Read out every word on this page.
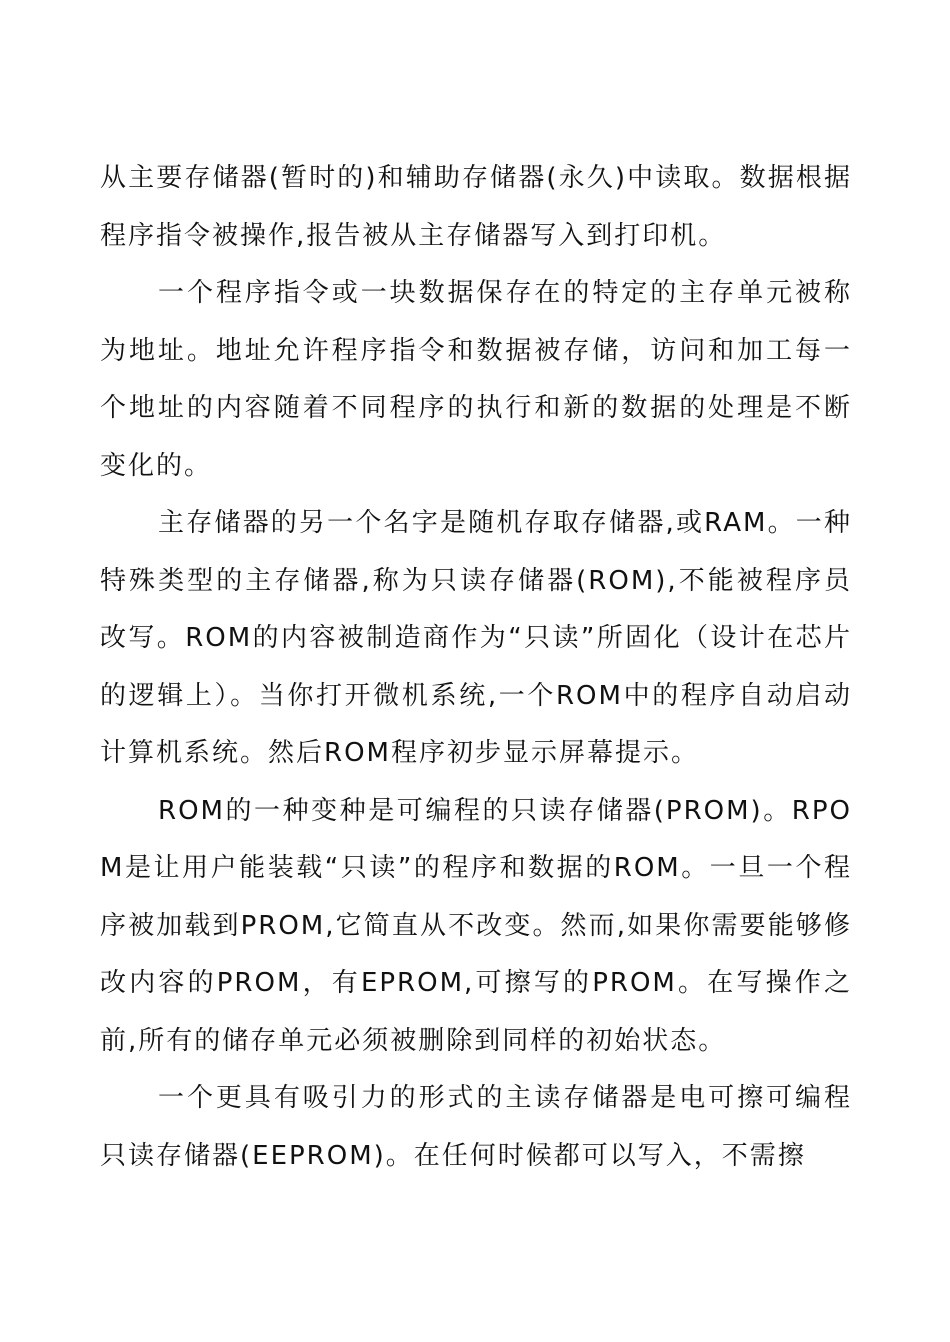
从主要存储器(暂时的)和辅助存储器(永久)中读取。数据根据程序指令被操作,报告被从主存储器写入到打印机。

一个程序指令或一块数据保存在的特定的主存单元被称为地址。地址允许程序指令和数据被存储，访问和加工每一个地址的内容随着不同程序的执行和新的数据的处理是不断变化的。

主存储器的另一个名字是随机存取存储器,或RAM。一种特殊类型的主存储器,称为只读存储器(ROM),不能被程序员改写。ROM的内容被制造商作为“只读”所固化（设计在芯片的逻辑上）。当你打开微机系统,一个ROM中的程序自动启动计算机系统。然后ROM程序初步显示屏幕提示。

ROM的一种变种是可编程的只读存储器(PROM)。RPOM是让用户能装载“只读”的程序和数据的ROM。一旦一个程序被加载到PROM,它简直从不改变。然而,如果你需要能够修改内容的PROM，有EPROM,可擦写的PROM。在写操作之前,所有的储存单元必须被删除到同样的初始状态。

一个更具有吸引力的形式的主读存储器是电可擦可编程只读存储器(EEPROM)。在任何时候都可以写入，不需擦
